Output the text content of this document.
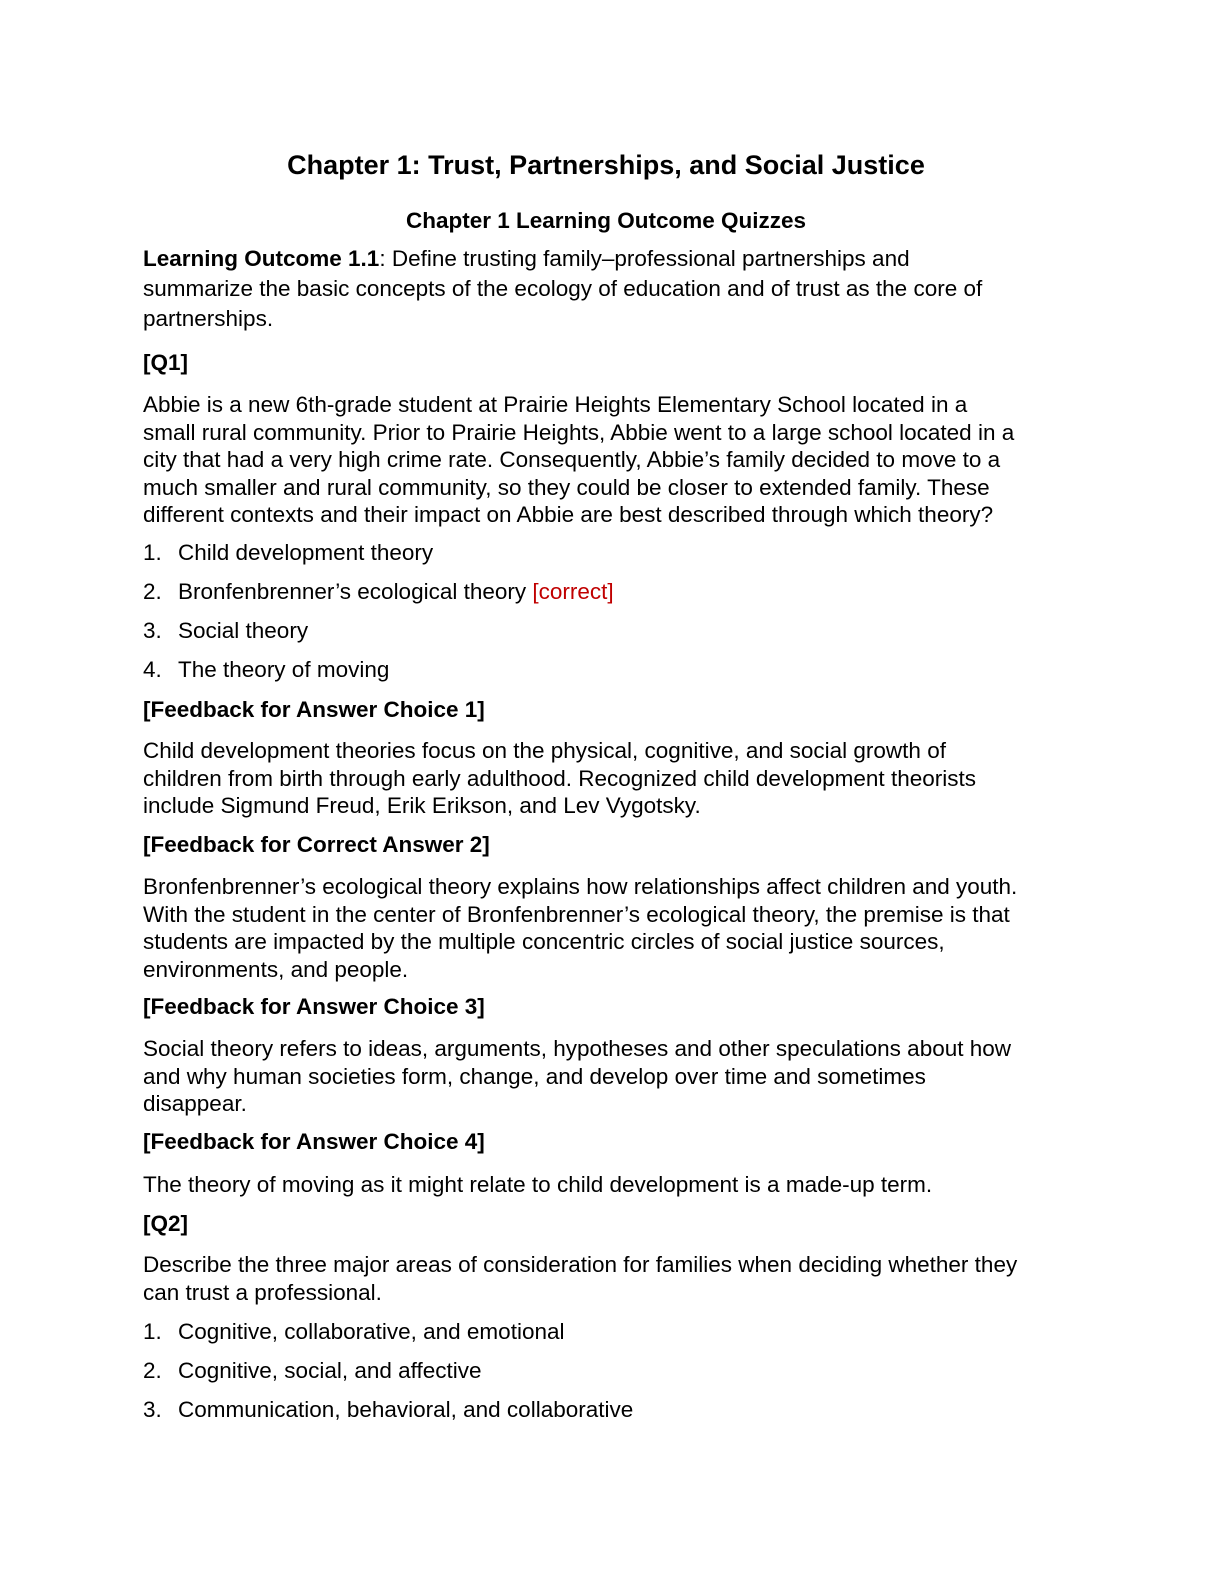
Chapter 1: Trust, Partnerships, and Social Justice
Chapter 1 Learning Outcome Quizzes
Learning Outcome 1.1: Define trusting family–professional partnerships and
summarize the basic concepts of the ecology of education and of trust as the core of
partnerships.
[Q1]
Abbie is a new 6th-grade student at Prairie Heights Elementary School located in a
small rural community. Prior to Prairie Heights, Abbie went to a large school located in a
city that had a very high crime rate. Consequently, Abbie’s family decided to move to a
much smaller and rural community, so they could be closer to extended family. These
different contexts and their impact on Abbie are best described through which theory?
1. Child development theory
2. Bronfenbrenner’s ecological theory [correct]
3. Social theory
4. The theory of moving
[Feedback for Answer Choice 1]
Child development theories focus on the physical, cognitive, and social growth of
children from birth through early adulthood. Recognized child development theorists
include Sigmund Freud, Erik Erikson, and Lev Vygotsky.
[Feedback for Correct Answer 2]
Bronfenbrenner’s ecological theory explains how relationships affect children and youth.
With the student in the center of Bronfenbrenner’s ecological theory, the premise is that
students are impacted by the multiple concentric circles of social justice sources,
environments, and people.
[Feedback for Answer Choice 3]
Social theory refers to ideas, arguments, hypotheses and other speculations about how
and why human societies form, change, and develop over time and sometimes
disappear.
[Feedback for Answer Choice 4]
The theory of moving as it might relate to child development is a made-up term.
[Q2]
Describe the three major areas of consideration for families when deciding whether they
can trust a professional.
1. Cognitive, collaborative, and emotional
2. Cognitive, social, and affective
3. Communication, behavioral, and collaborative
